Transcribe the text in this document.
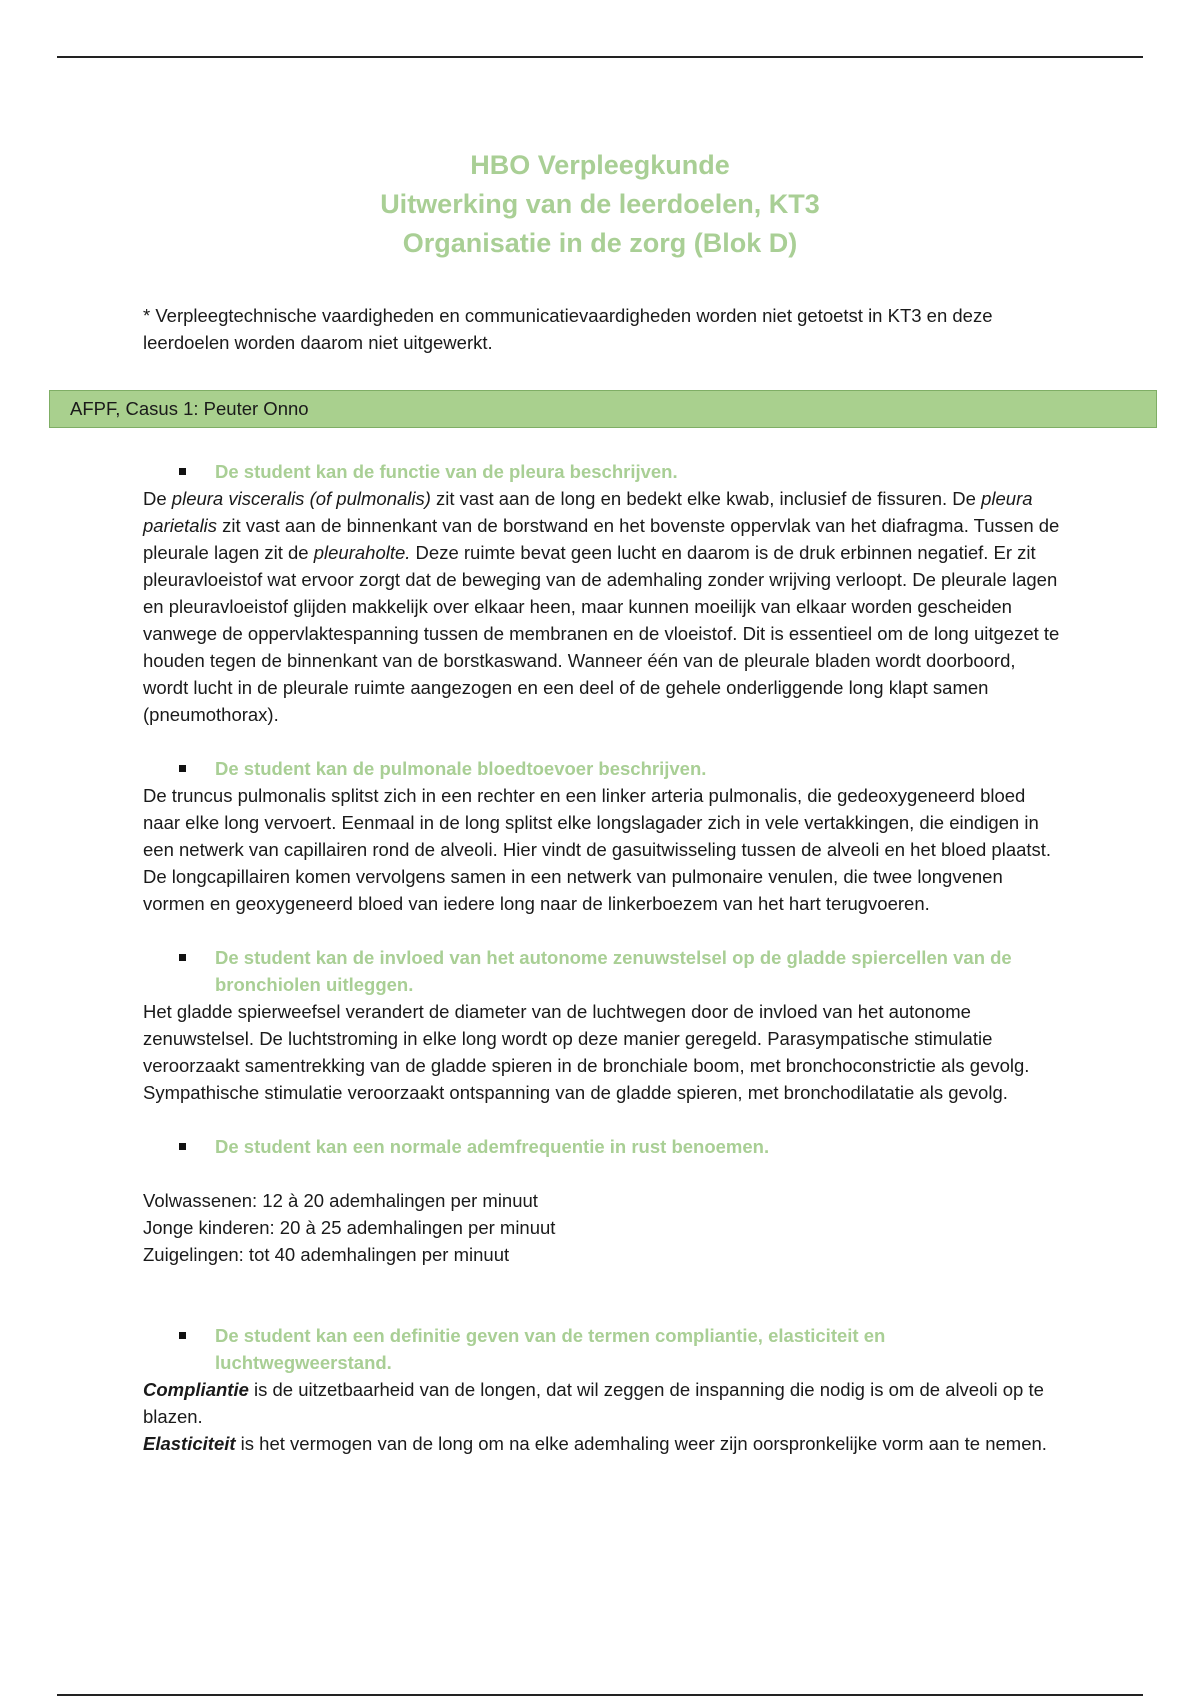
HBO Verpleegkunde
Uitwerking van de leerdoelen, KT3
Organisatie in de zorg (Blok D)

* Verpleegtechnische vaardigheden en communicatievaardigheden worden niet getoetst in KT3 en deze leerdoelen worden daarom niet uitgewerkt.

AFPF, Casus 1: Peuter Onno

De student kan de functie van de pleura beschrijven.

De pleura visceralis (of pulmonalis) zit vast aan de long en bedekt elke kwab, inclusief de fissuren. De pleura parietalis zit vast aan de binnenkant van de borstwand en het bovenste oppervlak van het diafragma. Tussen de pleurale lagen zit de pleuraholte. Deze ruimte bevat geen lucht en daarom is de druk erbinnen negatief. Er zit pleuravloeistof wat ervoor zorgt dat de beweging van de ademhaling zonder wrijving verloopt. De pleurale lagen en pleuravloeistof glijden makkelijk over elkaar heen, maar kunnen moeilijk van elkaar worden gescheiden vanwege de oppervlaktespanning tussen de membranen en de vloeistof. Dit is essentieel om de long uitgezet te houden tegen de binnenkant van de borstkaswand. Wanneer één van de pleurale bladen wordt doorboord, wordt lucht in de pleurale ruimte aangezogen en een deel of de gehele onderliggende long klapt samen (pneumothorax).

De student kan de pulmonale bloedtoevoer beschrijven.

De truncus pulmonalis splitst zich in een rechter en een linker arteria pulmonalis, die gedeoxygeneerd bloed naar elke long vervoert. Eenmaal in de long splitst elke longslagader zich in vele vertakkingen, die eindigen in een netwerk van capillairen rond de alveoli. Hier vindt de gasuitwisseling tussen de alveoli en het bloed plaatst. De longcapillairen komen vervolgens samen in een netwerk van pulmonaire venulen, die twee longvenen vormen en geoxygeneerd bloed van iedere long naar de linkerboezem van het hart terugvoeren.

De student kan de invloed van het autonome zenuwstelsel op de gladde spiercellen van de bronchiolen uitleggen.

Het gladde spierweefsel verandert de diameter van de luchtwegen door de invloed van het autonome zenuwstelsel. De luchtstroming in elke long wordt op deze manier geregeld. Parasympatische stimulatie veroorzaakt samentrekking van de gladde spieren in de bronchiale boom, met bronchoconstrictie als gevolg. Sympathische stimulatie veroorzaakt ontspanning van de gladde spieren, met bronchodilatatie als gevolg.

De student kan een normale ademfrequentie in rust benoemen.

Volwassenen: 12 à 20 ademhalingen per minuut

Jonge kinderen: 20 à 25 ademhalingen per minuut

Zuigelingen: tot 40 ademhalingen per minuut

De student kan een definitie geven van de termen compliantie, elasticiteit en luchtwegweerstand.

Compliantie is de uitzetbaarheid van de longen, dat wil zeggen de inspanning die nodig is om de alveoli op te blazen.

Elasticiteit is het vermogen van de long om na elke ademhaling weer zijn oorspronkelijke vorm aan te nemen.
